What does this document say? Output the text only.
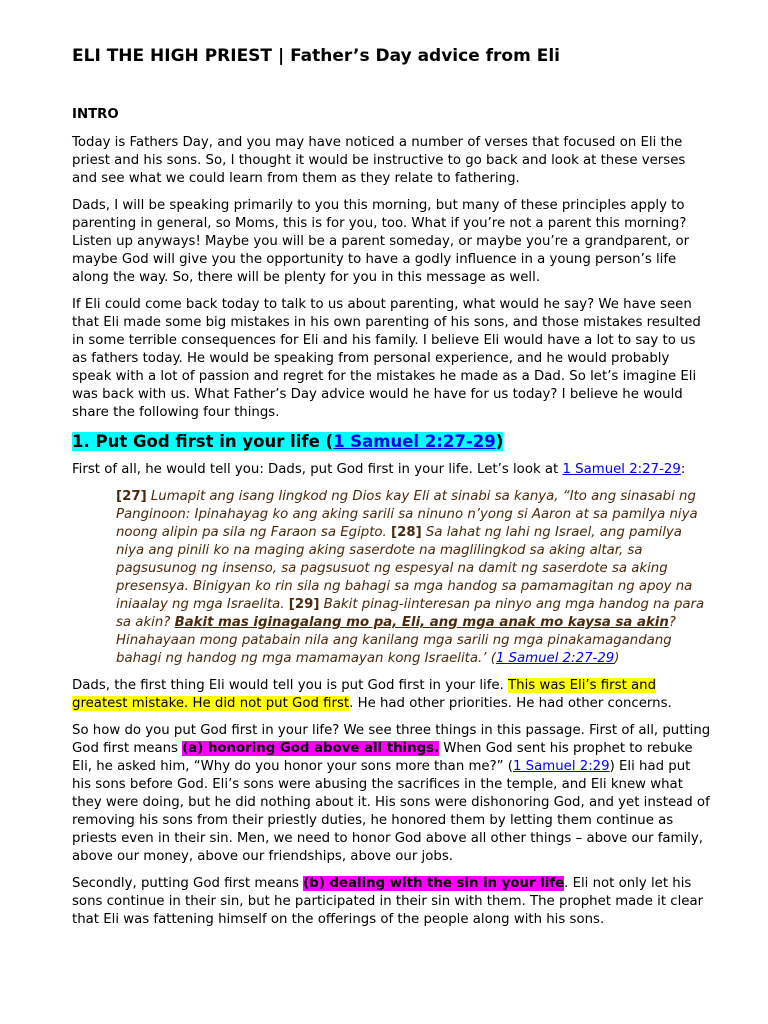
ELI THE HIGH PRIEST | Father’s Day advice from Eli
INTRO

Today is Fathers Day, and you may have noticed a number of verses that focused on Eli the priest and his sons. So, I thought it would be instructive to go back and look at these verses and see what we could learn from them as they relate to fathering.

Dads, I will be speaking primarily to you this morning, but many of these principles apply to parenting in general, so Moms, this is for you, too. What if you’re not a parent this morning? Listen up anyways! Maybe you will be a parent someday, or maybe you’re a grandparent, or maybe God will give you the opportunity to have a godly influence in a young person’s life along the way. So, there will be plenty for you in this message as well.

If Eli could come back today to talk to us about parenting, what would he say? We have seen that Eli made some big mistakes in his own parenting of his sons, and those mistakes resulted in some terrible consequences for Eli and his family. I believe Eli would have a lot to say to us as fathers today. He would be speaking from personal experience, and he would probably speak with a lot of passion and regret for the mistakes he made as a Dad. So let’s imagine Eli was back with us. What Father’s Day advice would he have for us today? I believe he would share the following four things.

1. Put God first in your life (1 Samuel 2:27-29)

First of all, he would tell you: Dads, put God first in your life. Let’s look at 1 Samuel 2:27-29:

[27] Lumapit ang isang lingkod ng Dios kay Eli at sinabi sa kanya, “Ito ang sinasabi ng Panginoon: Ipinahayag ko ang aking sarili sa ninuno n’yong si Aaron at sa pamilya niya noong alipin pa sila ng Faraon sa Egipto. [28] Sa lahat ng lahi ng Israel, ang pamilya niya ang pinili ko na maging aking saserdote na maglilingkod sa aking altar, sa pagsusunog ng insenso, sa pagsusuot ng espesyal na damit ng saserdote sa aking presensya. Binigyan ko rin sila ng bahagi sa mga handog sa pamamagitan ng apoy na iniaalay ng mga Israelita. [29] Bakit pinag-iinteresan pa ninyo ang mga handog na para sa akin? Bakit mas iginagalang mo pa, Eli, ang mga anak mo kaysa sa akin? Hinahayaan mong patabain nila ang kanilang mga sarili ng mga pinakamagandang bahagi ng handog ng mga mamamayan kong Israelita.’ (1 Samuel 2:27-29)

Dads, the first thing Eli would tell you is put God first in your life. This was Eli’s first and greatest mistake. He did not put God first. He had other priorities. He had other concerns.

So how do you put God first in your life? We see three things in this passage. First of all, putting God first means (a) honoring God above all things. When God sent his prophet to rebuke Eli, he asked him, “Why do you honor your sons more than me?” (1 Samuel 2:29) Eli had put his sons before God. Eli’s sons were abusing the sacrifices in the temple, and Eli knew what they were doing, but he did nothing about it. His sons were dishonoring God, and yet instead of removing his sons from their priestly duties, he honored them by letting them continue as priests even in their sin. Men, we need to honor God above all other things – above our family, above our money, above our friendships, above our jobs.

Secondly, putting God first means (b) dealing with the sin in your life. Eli not only let his sons continue in their sin, but he participated in their sin with them. The prophet made it clear that Eli was fattening himself on the offerings of the people along with his sons.
